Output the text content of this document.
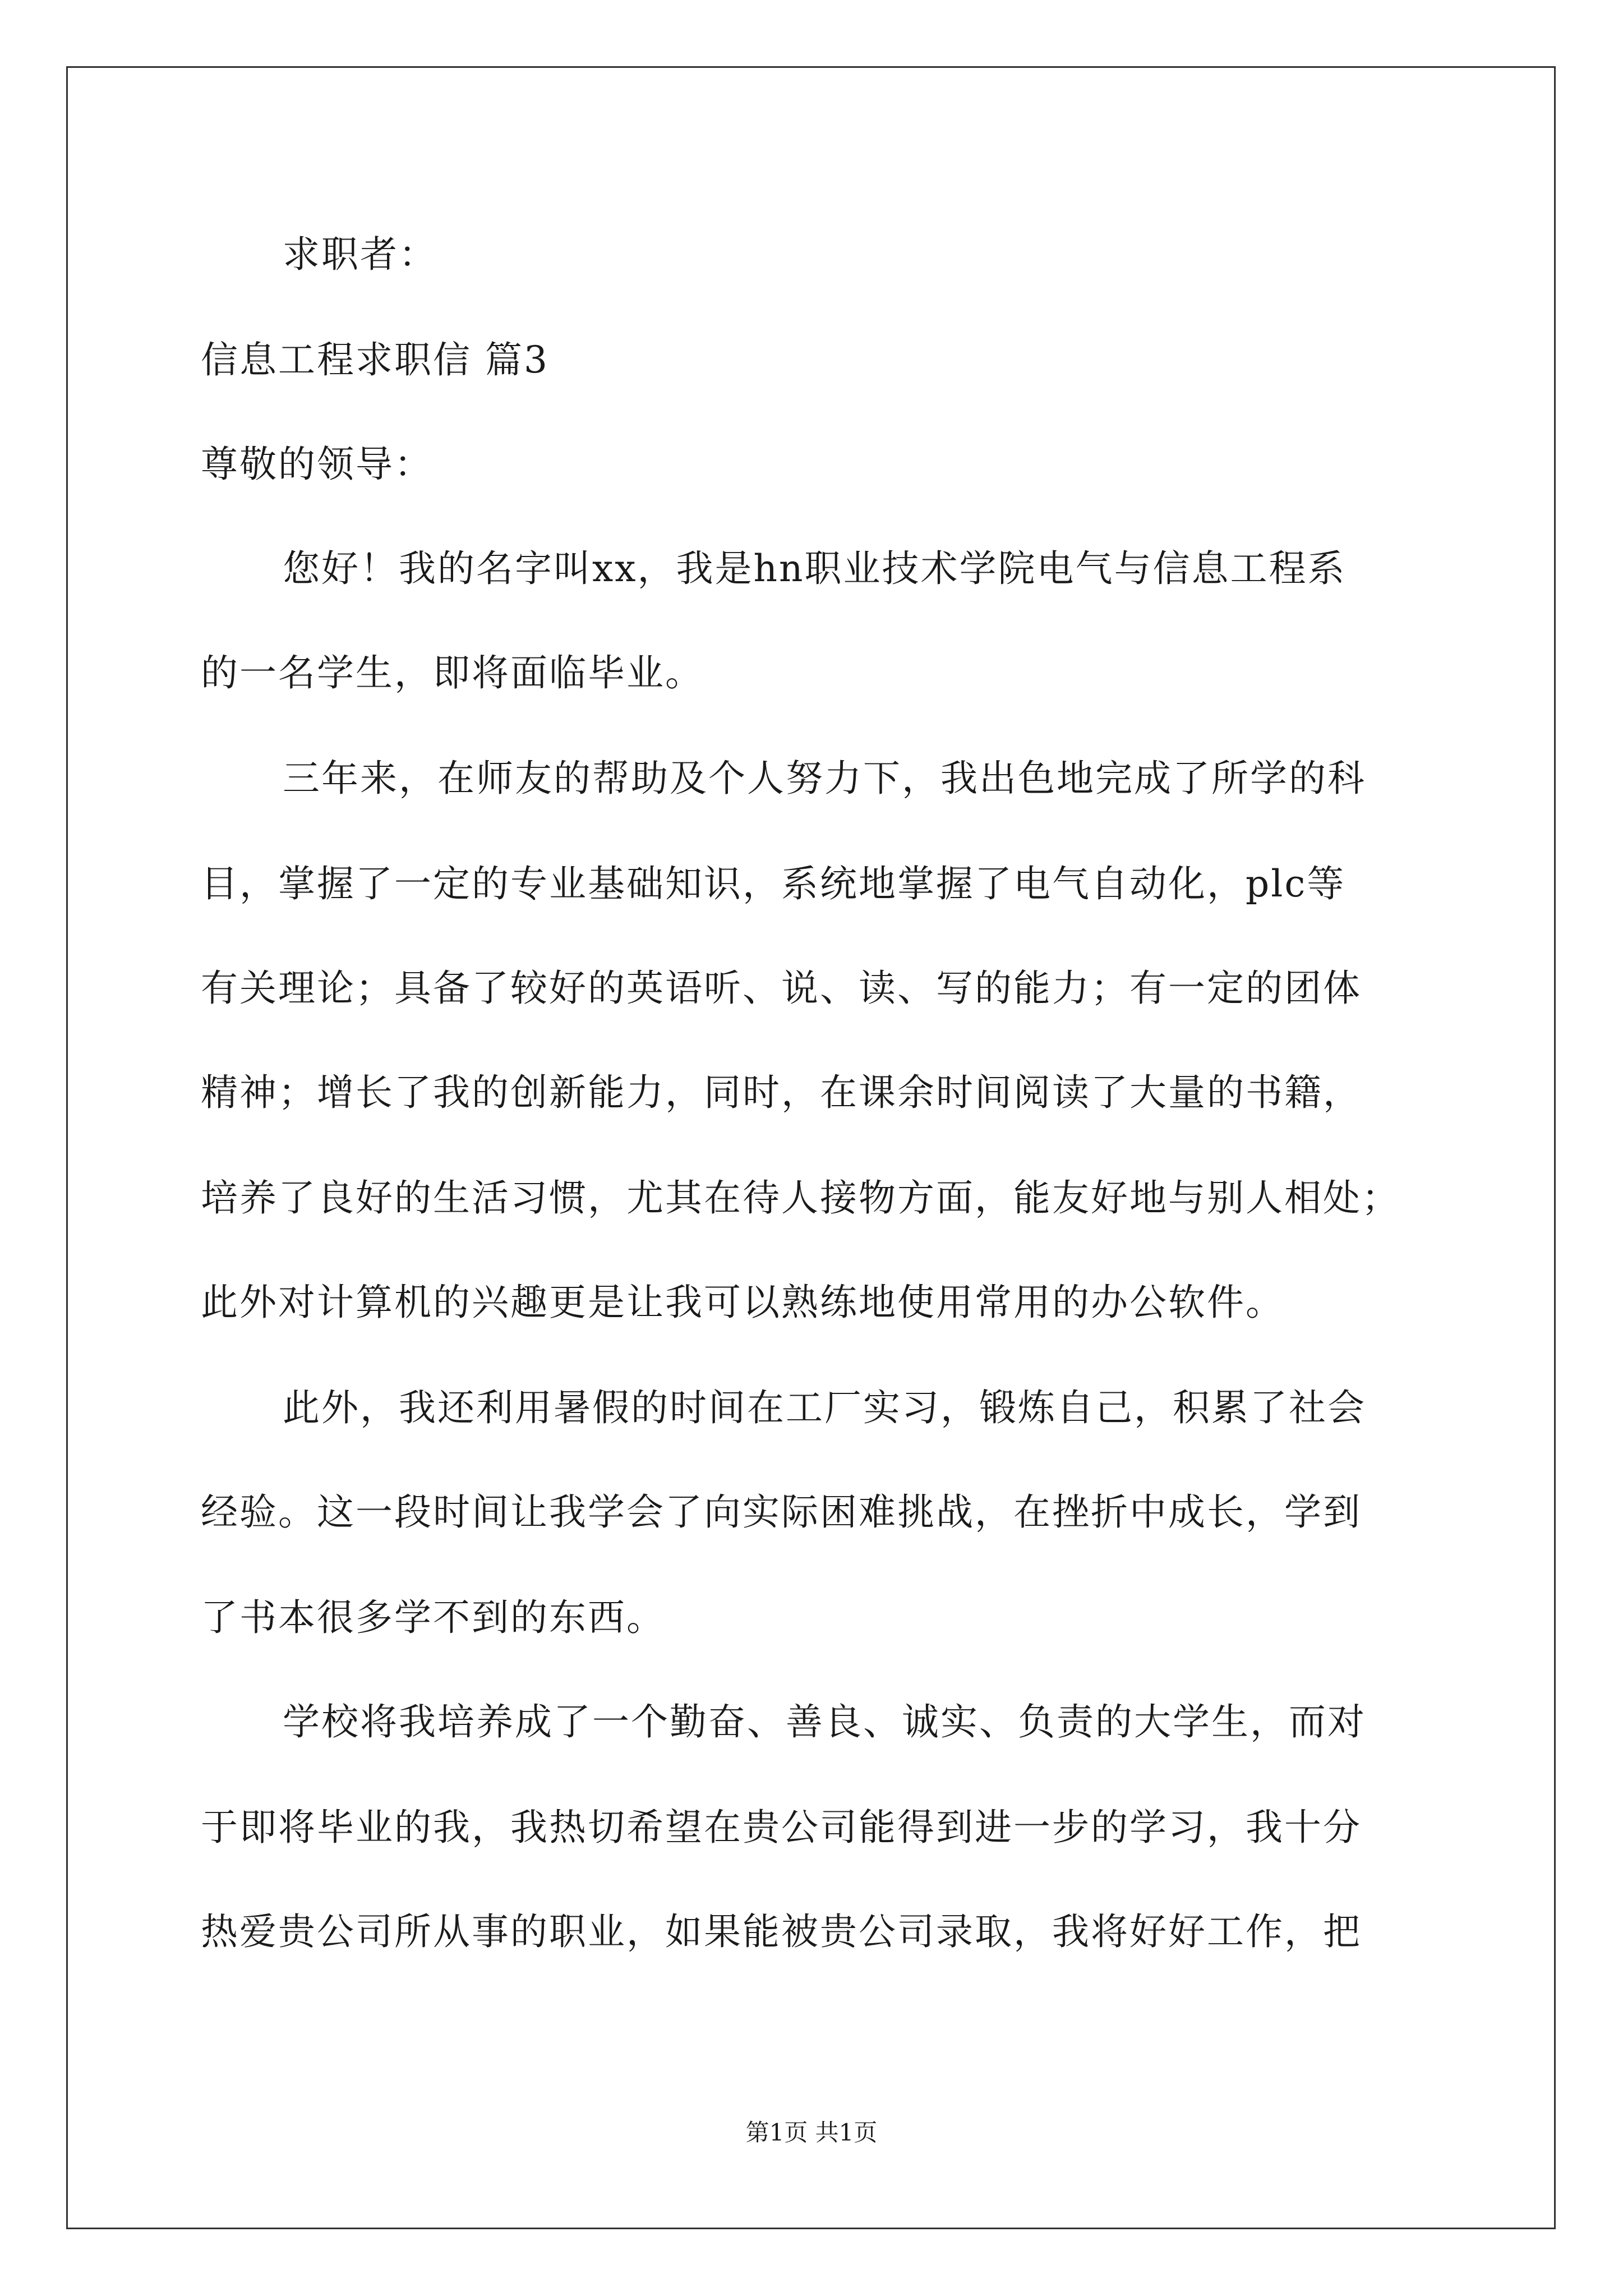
求职者：
信息工程求职信 篇3
尊敬的领导：
您好！我的名字叫xx，我是hn职业技术学院电气与信息工程系
的一名学生，即将面临毕业。
三年来，在师友的帮助及个人努力下，我出色地完成了所学的科
目，掌握了一定的专业基础知识，系统地掌握了电气自动化，plc等
有关理论；具备了较好的英语听、说、读、写的能力；有一定的团体
精神；增长了我的创新能力，同时，在课余时间阅读了大量的书籍，
培养了良好的生活习惯，尤其在待人接物方面，能友好地与别人相处；
此外对计算机的兴趣更是让我可以熟练地使用常用的办公软件。
此外，我还利用暑假的时间在工厂实习，锻炼自己，积累了社会
经验。这一段时间让我学会了向实际困难挑战，在挫折中成长，学到
了书本很多学不到的东西。
学校将我培养成了一个勤奋、善良、诚实、负责的大学生，而对
于即将毕业的我，我热切希望在贵公司能得到进一步的学习，我十分
热爱贵公司所从事的职业，如果能被贵公司录取，我将好好工作，把
第1页 共1页
